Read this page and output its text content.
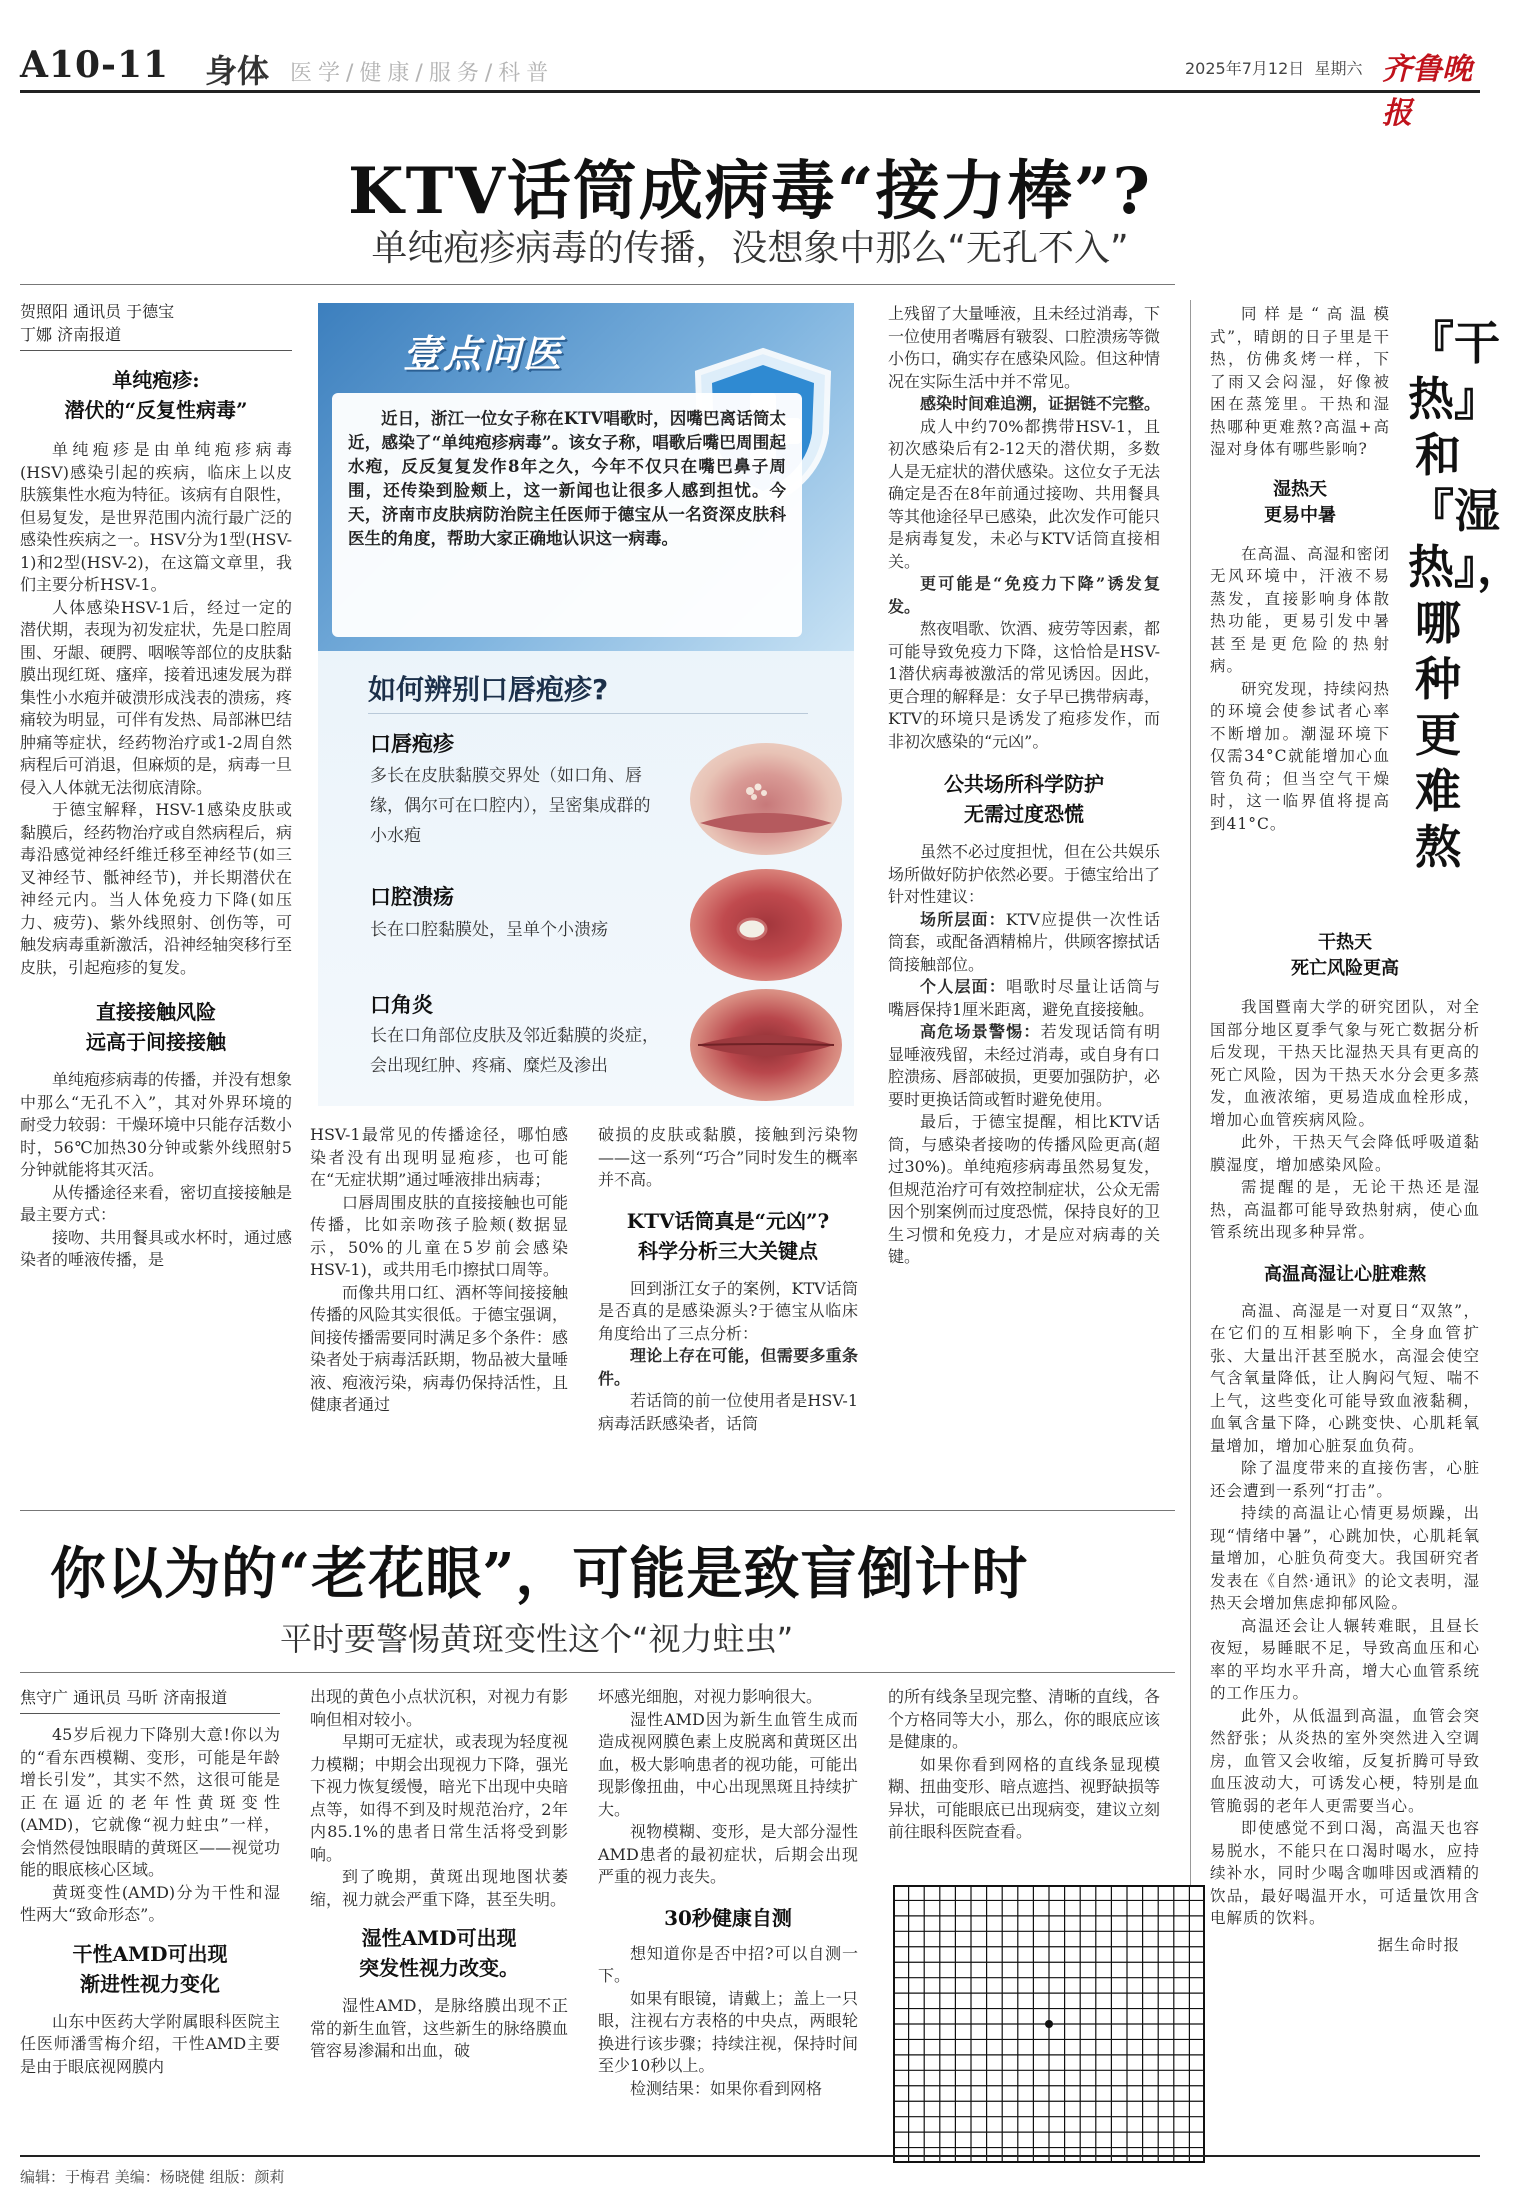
A10-11 身体 医学/健康/服务/科普	2025年7月12日 星期六 齐鲁晚报
KTV话筒成病毒“接力棒”?
单纯疱疹病毒的传播，没想象中那么“无孔不入”
贺照阳 通讯员 于德宝
丁娜 济南报道
单纯疱疹:
潜伏的“反复性病毒”

单纯疱疹是由单纯疱疹病毒(HSV)感染引起的疾病，临床上以皮肤簇集性水疱为特征。该病有自限性，但易复发，是世界范围内流行最广泛的感染性疾病之一。HSV分为1型(HSV-1)和2型(HSV-2)，在这篇文章里，我们主要分析HSV-1。

人体感染HSV-1后，经过一定的潜伏期，表现为初发症状，先是口腔周围、牙龈、硬腭、咽喉等部位的皮肤黏膜出现红斑、瘙痒，接着迅速发展为群集性小水疱并破溃形成浅表的溃疡，疼痛较为明显，可伴有发热、局部淋巴结肿痛等症状，经药物治疗或1-2周自然病程后可消退，但麻烦的是，病毒一旦侵入人体就无法彻底清除。

于德宝解释，HSV-1感染皮肤或黏膜后，经药物治疗或自然病程后，病毒沿感觉神经纤维迁移至神经节(如三叉神经节、骶神经节)，并长期潜伏在神经元内。当人体免疫力下降(如压力、疲劳)、紫外线照射、创伤等，可触发病毒重新激活，沿神经轴突移行至皮肤，引起疱疹的复发。

直接接触风险
远高于间接接触

单纯疱疹病毒的传播，并没有想象中那么“无孔不入”，其对外界环境的耐受力较弱：干燥环境中只能存活数小时，56℃加热30分钟或紫外线照射5分钟就能将其灭活。

从传播途径来看，密切直接接触是最主要方式：

接吻、共用餐具或水杯时，通过感染者的唾液传播，是

壹点问医
近日，浙江一位女子称在KTV唱歌时，因嘴巴离话筒太近，感染了“单纯疱疹病毒”。该女子称，唱歌后嘴巴周围起水疱，反反复复发作8年之久，今年不仅只在嘴巴鼻子周围，还传染到脸颊上，这一新闻也让很多人感到担忧。今天，济南市皮肤病防治院主任医师于德宝从一名资深皮肤科医生的角度，帮助大家正确地认识这一病毒。
如何辨别口唇疱疹?
口唇疱疹
多长在皮肤黏膜交界处（如口角、唇缘，偶尔可在口腔内），呈密集成群的小水疱
口腔溃疡
长在口腔黏膜处，呈单个小溃疡
口角炎
长在口角部位皮肤及邻近黏膜的炎症，会出现红肿、疼痛、糜烂及渗出

HSV-1最常见的传播途径，哪怕感染者没有出现明显疱疹，也可能在“无症状期”通过唾液排出病毒；

口唇周围皮肤的直接接触也可能传播，比如亲吻孩子脸颊(数据显示，50%的儿童在5岁前会感染HSV-1)，或共用毛巾擦拭口周等。

而像共用口红、酒杯等间接接触传播的风险其实很低。于德宝强调，间接传播需要同时满足多个条件：感染者处于病毒活跃期，物品被大量唾液、疱液污染，病毒仍保持活性，且健康者通过

破损的皮肤或黏膜，接触到污染物——这一系列“巧合”同时发生的概率并不高。

KTV话筒真是“元凶”?
科学分析三大关键点

回到浙江女子的案例，KTV话筒是否真的是感染源头?于德宝从临床角度给出了三点分析：

理论上存在可能，但需要多重条件。

若话筒的前一位使用者是HSV-1病毒活跃感染者，话筒

上残留了大量唾液，且未经过消毒，下一位使用者嘴唇有皲裂、口腔溃疡等微小伤口，确实存在感染风险。但这种情况在实际生活中并不常见。

感染时间难追溯，证据链不完整。

成人中约70%都携带HSV-1，且初次感染后有2-12天的潜伏期，多数人是无症状的潜伏感染。这位女子无法确定是否在8年前通过接吻、共用餐具等其他途径早已感染，此次发作可能只是病毒复发，未必与KTV话筒直接相关。

更可能是“免疫力下降”诱发复发。

熬夜唱歌、饮酒、疲劳等因素，都可能导致免疫力下降，这恰恰是HSV-1潜伏病毒被激活的常见诱因。因此，更合理的解释是：女子早已携带病毒，KTV的环境只是诱发了疱疹发作，而非初次感染的“元凶”。

公共场所科学防护
无需过度恐慌

虽然不必过度担忧，但在公共娱乐场所做好防护依然必要。于德宝给出了针对性建议：

场所层面：KTV应提供一次性话筒套，或配备酒精棉片，供顾客擦拭话筒接触部位。

个人层面：唱歌时尽量让话筒与嘴唇保持1厘米距离，避免直接接触。

高危场景警惕：若发现话筒有明显唾液残留，未经过消毒，或自身有口腔溃疡、唇部破损，更要加强防护，必要时更换话筒或暂时避免使用。

最后，于德宝提醒，相比KTV话筒，与感染者接吻的传播风险更高(超过30%)。单纯疱疹病毒虽然易复发，但规范治疗可有效控制症状，公众无需因个别案例而过度恐慌，保持良好的卫生习惯和免疫力，才是应对病毒的关键。

你以为的“老花眼”，可能是致盲倒计时
平时要警惕黄斑变性这个“视力蛀虫”
焦守广 通讯员 马昕 济南报道

45岁后视力下降别大意!你以为的“看东西模糊、变形，可能是年龄增长引发”，其实不然，这很可能是正在逼近的老年性黄斑变性(AMD)，它就像“视力蛀虫”一样，会悄然侵蚀眼睛的黄斑区——视觉功能的眼底核心区域。

黄斑变性(AMD)分为干性和湿性两大“致命形态”。

干性AMD可出现
渐进性视力变化

山东中医药大学附属眼科医院主任医师潘雪梅介绍，干性AMD主要是由于眼底视网膜内

出现的黄色小点状沉积，对视力有影响但相对较小。

早期可无症状，或表现为轻度视力模糊；中期会出现视力下降，强光下视力恢复缓慢，暗光下出现中央暗点等，如得不到及时规范治疗，2年内85.1%的患者日常生活将受到影响。

到了晚期，黄斑出现地图状萎缩，视力就会严重下降，甚至失明。

湿性AMD可出现
突发性视力改变。

湿性AMD，是脉络膜出现不正常的新生血管，这些新生的脉络膜血管容易渗漏和出血，破

坏感光细胞，对视力影响很大。

湿性AMD因为新生血管生成而造成视网膜色素上皮脱离和黄斑区出血，极大影响患者的视功能，可能出现影像扭曲，中心出现黑斑且持续扩大。

视物模糊、变形，是大部分湿性AMD患者的最初症状，后期会出现严重的视力丧失。

30秒健康自测

想知道你是否中招?可以自测一下。

如果有眼镜，请戴上；盖上一只眼，注视右方表格的中央点，两眼轮换进行该步骤；持续注视，保持时间至少10秒以上。

检测结果：如果你看到网格

的所有线条呈现完整、清晰的直线，各个方格同等大小，那么，你的眼底应该是健康的。

如果你看到网格的直线条显现模糊、扭曲变形、暗点遮挡、视野缺损等异状，可能眼底已出现病变，建议立刻前往眼科医院查看。

『干热』和『湿热』，哪种更难熬

同样是“高温模式”，晴朗的日子里是干热，仿佛炙烤一样，下了雨又会闷湿，好像被困在蒸笼里。干热和湿热哪种更难熬?高温+高湿对身体有哪些影响?

湿热天
更易中暑

在高温、高湿和密闭无风环境中，汗液不易蒸发，直接影响身体散热功能，更易引发中暑甚至是更危险的热射病。

研究发现，持续闷热的环境会使参试者心率不断增加。潮湿环境下仅需34°C就能增加心血管负荷；但当空气干燥时，这一临界值将提高到41°C。

干热天
死亡风险更高

我国暨南大学的研究团队，对全国部分地区夏季气象与死亡数据分析后发现，干热天比湿热天具有更高的死亡风险，因为干热天水分会更多蒸发，血液浓缩，更易造成血栓形成，增加心血管疾病风险。

此外，干热天气会降低呼吸道黏膜湿度，增加感染风险。

需提醒的是，无论干热还是湿热，高温都可能导致热射病，使心血管系统出现多种异常。

高温高湿让心脏难熬

高温、高湿是一对夏日“双煞”，在它们的互相影响下，全身血管扩张、大量出汗甚至脱水，高湿会使空气含氧量降低，让人胸闷气短、喘不上气，这些变化可能导致血液黏稠，血氧含量下降，心跳变快、心肌耗氧量增加，增加心脏泵血负荷。

除了温度带来的直接伤害，心脏还会遭到一系列“打击”。

持续的高温让心情更易烦躁，出现“情绪中暑”，心跳加快，心肌耗氧量增加，心脏负荷变大。我国研究者发表在《自然·通讯》的论文表明，湿热天会增加焦虑抑郁风险。

高温还会让人辗转难眠，且昼长夜短，易睡眠不足，导致高血压和心率的平均水平升高，增大心血管系统的工作压力。

此外，从低温到高温，血管会突然舒张；从炎热的室外突然进入空调房，血管又会收缩，反复折腾可导致血压波动大，可诱发心梗，特别是血管脆弱的老年人更需要当心。

即使感觉不到口渴，高温天也容易脱水，不能只在口渴时喝水，应持续补水，同时少喝含咖啡因或酒精的饮品，最好喝温开水，可适量饮用含电解质的饮料。

据生命时报
编辑：于梅君 美编：杨晓健 组版：颜莉
